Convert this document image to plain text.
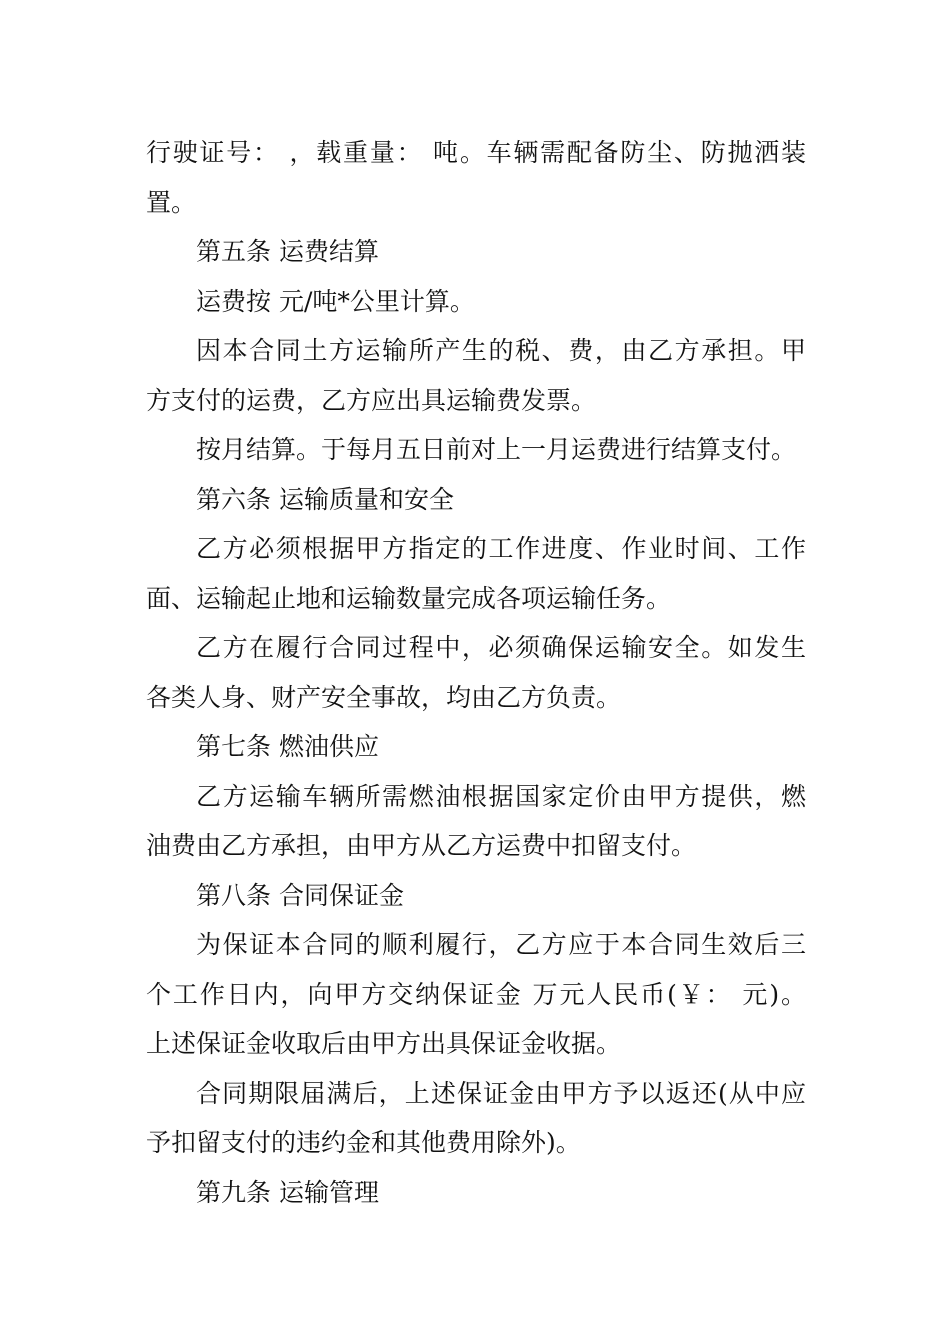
行驶证号： ，载重量： 吨。车辆需配备防尘、防抛洒装
置。
第五条 运费结算
运费按 元/吨*公里计算。
因本合同土方运输所产生的税、费，由乙方承担。甲
方支付的运费，乙方应出具运输费发票。
按月结算。于每月五日前对上一月运费进行结算支付。
第六条 运输质量和安全
乙方必须根据甲方指定的工作进度、作业时间、工作
面、运输起止地和运输数量完成各项运输任务。
乙方在履行合同过程中，必须确保运输安全。如发生
各类人身、财产安全事故，均由乙方负责。
第七条 燃油供应
乙方运输车辆所需燃油根据国家定价由甲方提供，燃
油费由乙方承担，由甲方从乙方运费中扣留支付。
第八条 合同保证金
为保证本合同的顺利履行，乙方应于本合同生效后三
个工作日内，向甲方交纳保证金 万元人民币(￥： 元)。
上述保证金收取后由甲方出具保证金收据。
合同期限届满后，上述保证金由甲方予以返还(从中应
予扣留支付的违约金和其他费用除外)。
第九条 运输管理
